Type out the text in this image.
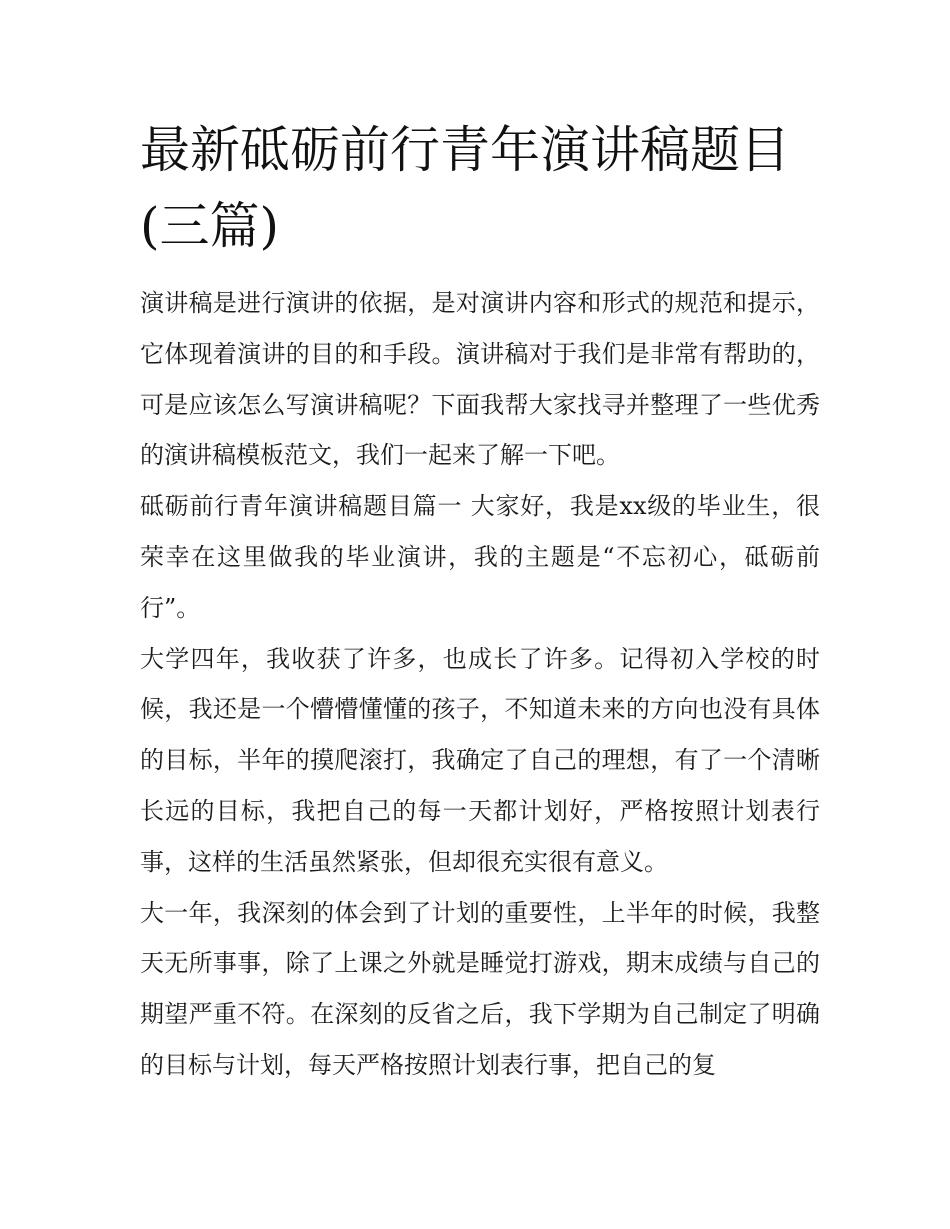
最新砥砺前行青年演讲稿题目(三篇)

演讲稿是进行演讲的依据，是对演讲内容和形式的规范和提示，它体现着演讲的目的和手段。演讲稿对于我们是非常有帮助的，可是应该怎么写演讲稿呢？下面我帮大家找寻并整理了一些优秀的演讲稿模板范文，我们一起来了解一下吧。

砥砺前行青年演讲稿题目篇一 大家好，我是xx级的毕业生，很荣幸在这里做我的毕业演讲，我的主题是“不忘初心，砥砺前行”。

大学四年，我收获了许多，也成长了许多。记得初入学校的时候，我还是一个懵懵懂懂的孩子，不知道未来的方向也没有具体的目标，半年的摸爬滚打，我确定了自己的理想，有了一个清晰长远的目标，我把自己的每一天都计划好，严格按照计划表行事，这样的生活虽然紧张，但却很充实很有意义。

大一年，我深刻的体会到了计划的重要性，上半年的时候，我整天无所事事，除了上课之外就是睡觉打游戏，期末成绩与自己的期望严重不符。在深刻的反省之后，我下学期为自己制定了明确的目标与计划，每天严格按照计划表行事，把自己的复
